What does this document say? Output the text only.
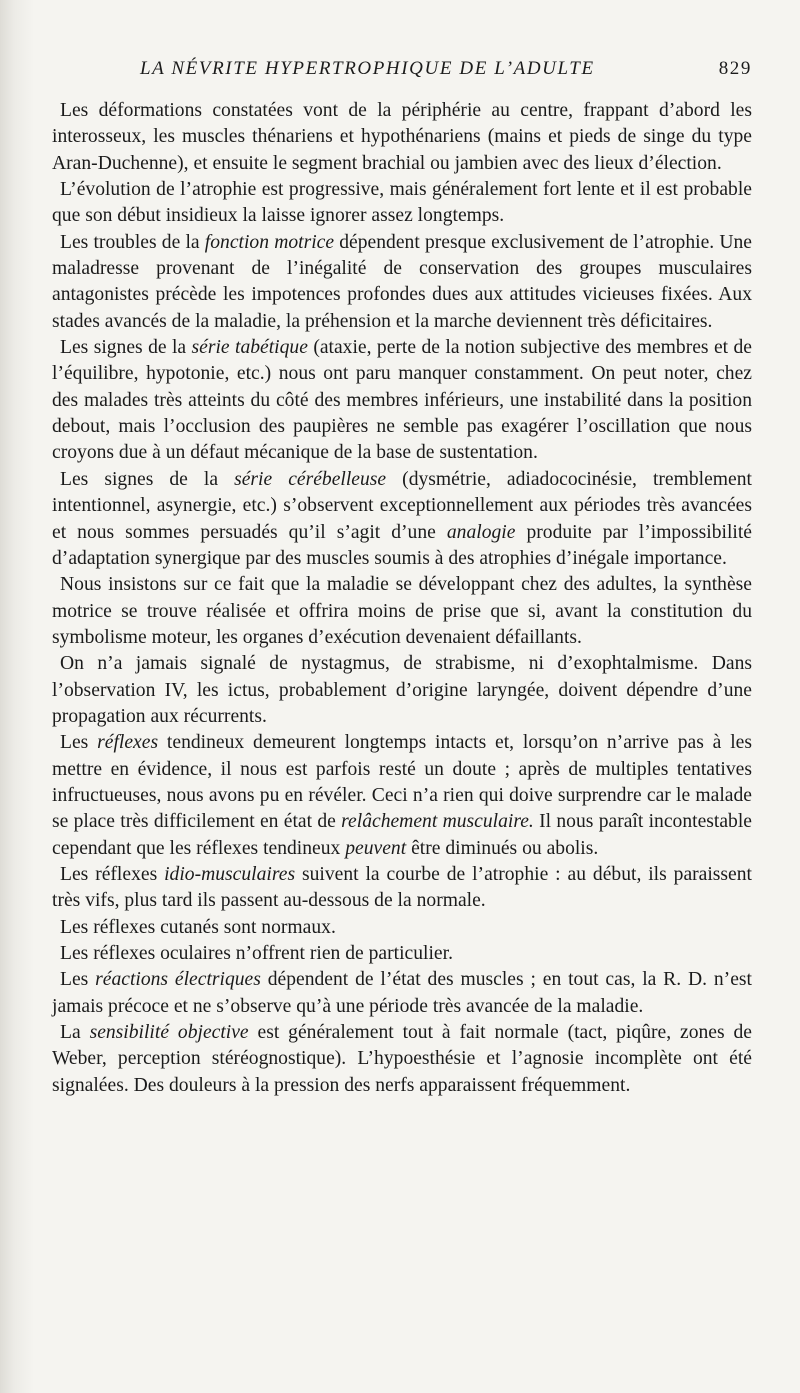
LA NÉVRITE HYPERTROPHIQUE DE L’ADULTE	829

Les déformations constatées vont de la périphérie au centre, frappant d’abord les interosseux, les muscles thénariens et hypothénariens (mains et pieds de singe du type Aran-Duchenne), et ensuite le segment brachial ou jambien avec des lieux d’élection.

L’évolution de l’atrophie est progressive, mais généralement fort lente et il est probable que son début insidieux la laisse ignorer assez longtemps.

Les troubles de la fonction motrice dépendent presque exclusivement de l’atrophie. Une maladresse provenant de l’inégalité de conservation des groupes musculaires antagonistes précède les impotences profondes dues aux attitudes vicieuses fixées. Aux stades avancés de la maladie, la préhension et la marche deviennent très déficitaires.

Les signes de la série tabétique (ataxie, perte de la notion subjective des membres et de l’équilibre, hypotonie, etc.) nous ont paru manquer constamment. On peut noter, chez des malades très atteints du côté des membres inférieurs, une instabilité dans la position debout, mais l’occlusion des paupières ne semble pas exagérer l’oscillation que nous croyons due à un défaut mécanique de la base de sustentation.

Les signes de la série cérébelleuse (dysmétrie, adiadococinésie, tremblement intentionnel, asynergie, etc.) s’observent exceptionnellement aux périodes très avancées et nous sommes persuadés qu’il s’agit d’une analogie produite par l’impossibilité d’adaptation synergique par des muscles soumis à des atrophies d’inégale importance.

Nous insistons sur ce fait que la maladie se développant chez des adultes, la synthèse motrice se trouve réalisée et offrira moins de prise que si, avant la constitution du symbolisme moteur, les organes d’exécution devenaient défaillants.

On n’a jamais signalé de nystagmus, de strabisme, ni d’exophtalmisme. Dans l’observation IV, les ictus, probablement d’origine laryngée, doivent dépendre d’une propagation aux récurrents.

Les réflexes tendineux demeurent longtemps intacts et, lorsqu’on n’arrive pas à les mettre en évidence, il nous est parfois resté un doute ; après de multiples tentatives infructueuses, nous avons pu en révéler. Ceci n’a rien qui doive surprendre car le malade se place très difficilement en état de relâchement musculaire. Il nous paraît incontestable cependant que les réflexes tendineux peuvent être diminués ou abolis.

Les réflexes idio-musculaires suivent la courbe de l’atrophie : au début, ils paraissent très vifs, plus tard ils passent au-dessous de la normale.

Les réflexes cutanés sont normaux.

Les réflexes oculaires n’offrent rien de particulier.

Les réactions électriques dépendent de l’état des muscles ; en tout cas, la R. D. n’est jamais précoce et ne s’observe qu’à une période très avancée de la maladie.

La sensibilité objective est généralement tout à fait normale (tact, piqûre, zones de Weber, perception stéréognostique). L’hypoesthésie et l’agnosie incomplète ont été signalées. Des douleurs à la pression des nerfs apparaissent fréquemment.
